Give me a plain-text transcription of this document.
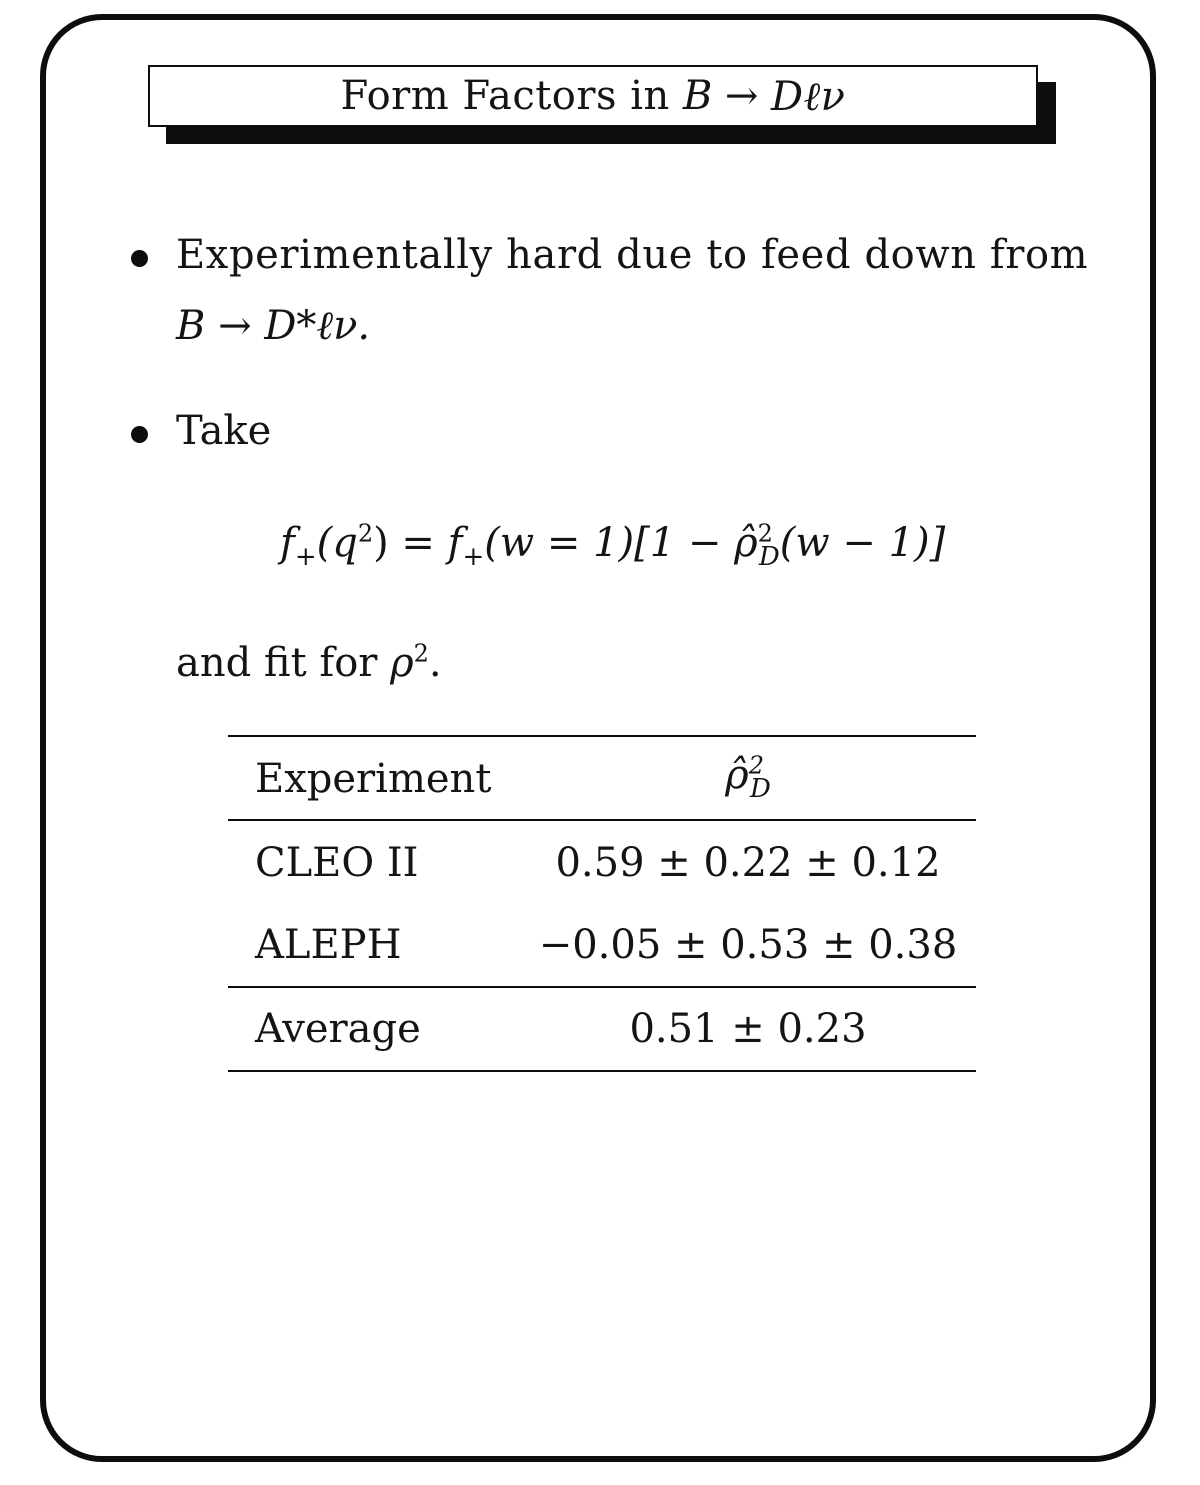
Form Factors in
B → Dℓν
Experimentally hard due to feed down from
B → D*ℓν.
Take
$f_+(q^2) = f_+(w = 1)[1$ − ρ̂$^2_D$(w − 1)]
and fit for $\rho^2$.
Experiment	ρ̂$^2_D$
CLEO II	0.59 ± 0.22 ± 0.12
ALEPH	−0.05 ± 0.53 ± 0.38
Average	0.51 ± 0.23
